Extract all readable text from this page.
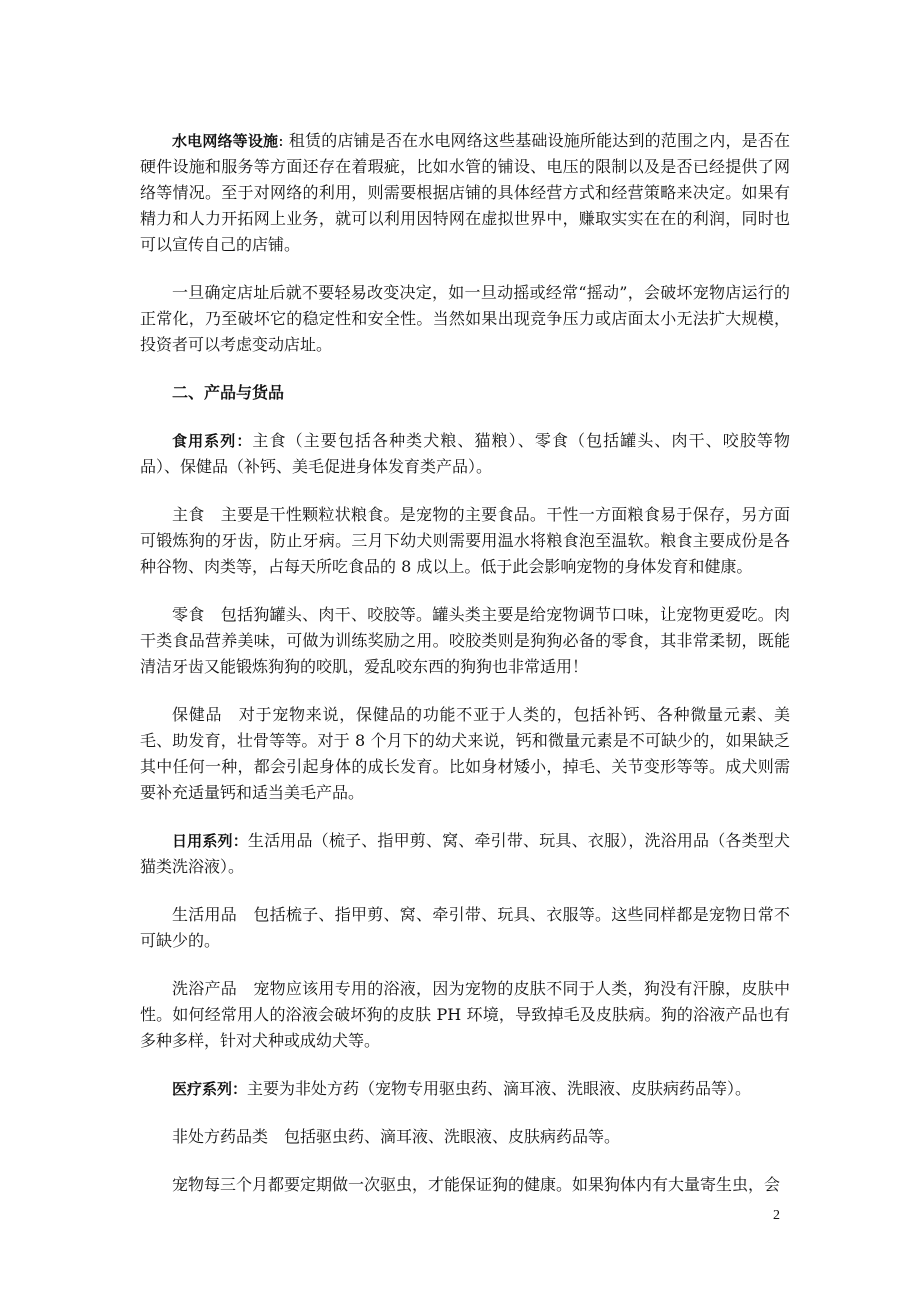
水电网络等设施: 租赁的店铺是否在水电网络这些基础设施所能达到的范围之内，是否在硬件设施和服务等方面还存在着瑕疵，比如水管的铺设、电压的限制以及是否已经提供了网络等情况。至于对网络的利用，则需要根据店铺的具体经营方式和经营策略来决定。如果有精力和人力开拓网上业务，就可以利用因特网在虚拟世界中，赚取实实在在的利润，同时也可以宣传自己的店铺。

一旦确定店址后就不要轻易改变决定，如一旦动摇或经常“摇动”，会破坏宠物店运行的正常化，乃至破坏它的稳定性和安全性。当然如果出现竞争压力或店面太小无法扩大规模，投资者可以考虑变动店址。

二、产品与货品

食用系列：主食（主要包括各种类犬粮、猫粮）、零食（包括罐头、肉干、咬胶等物品）、保健品（补钙、美毛促进身体发育类产品）。

主食　主要是干性颗粒状粮食。是宠物的主要食品。干性一方面粮食易于保存，另方面可锻炼狗的牙齿，防止牙病。三月下幼犬则需要用温水将粮食泡至温软。粮食主要成份是各种谷物、肉类等，占每天所吃食品的 8 成以上。低于此会影响宠物的身体发育和健康。

零食　包括狗罐头、肉干、咬胶等。罐头类主要是给宠物调节口味，让宠物更爱吃。肉干类食品营养美味，可做为训练奖励之用。咬胶类则是狗狗必备的零食，其非常柔韧，既能清洁牙齿又能锻炼狗狗的咬肌，爱乱咬东西的狗狗也非常适用！

保健品　对于宠物来说，保健品的功能不亚于人类的，包括补钙、各种微量元素、美毛、助发育，壮骨等等。对于 8 个月下的幼犬来说，钙和微量元素是不可缺少的，如果缺乏其中任何一种，都会引起身体的成长发育。比如身材矮小，掉毛、关节变形等等。成犬则需要补充适量钙和适当美毛产品。

日用系列：生活用品（梳子、指甲剪、窝、牵引带、玩具、衣服），洗浴用品（各类型犬猫类洗浴液）。

生活用品　包括梳子、指甲剪、窝、牵引带、玩具、衣服等。这些同样都是宠物日常不可缺少的。

洗浴产品　宠物应该用专用的浴液，因为宠物的皮肤不同于人类，狗没有汗腺，皮肤中性。如何经常用人的浴液会破坏狗的皮肤 PH 环境，导致掉毛及皮肤病。狗的浴液产品也有多种多样，针对犬种或成幼犬等。

医疗系列：主要为非处方药（宠物专用驱虫药、滴耳液、洗眼液、皮肤病药品等）。

非处方药品类　包括驱虫药、滴耳液、洗眼液、皮肤病药品等。

宠物每三个月都要定期做一次驱虫，才能保证狗的健康。如果狗体内有大量寄生虫，会

2
